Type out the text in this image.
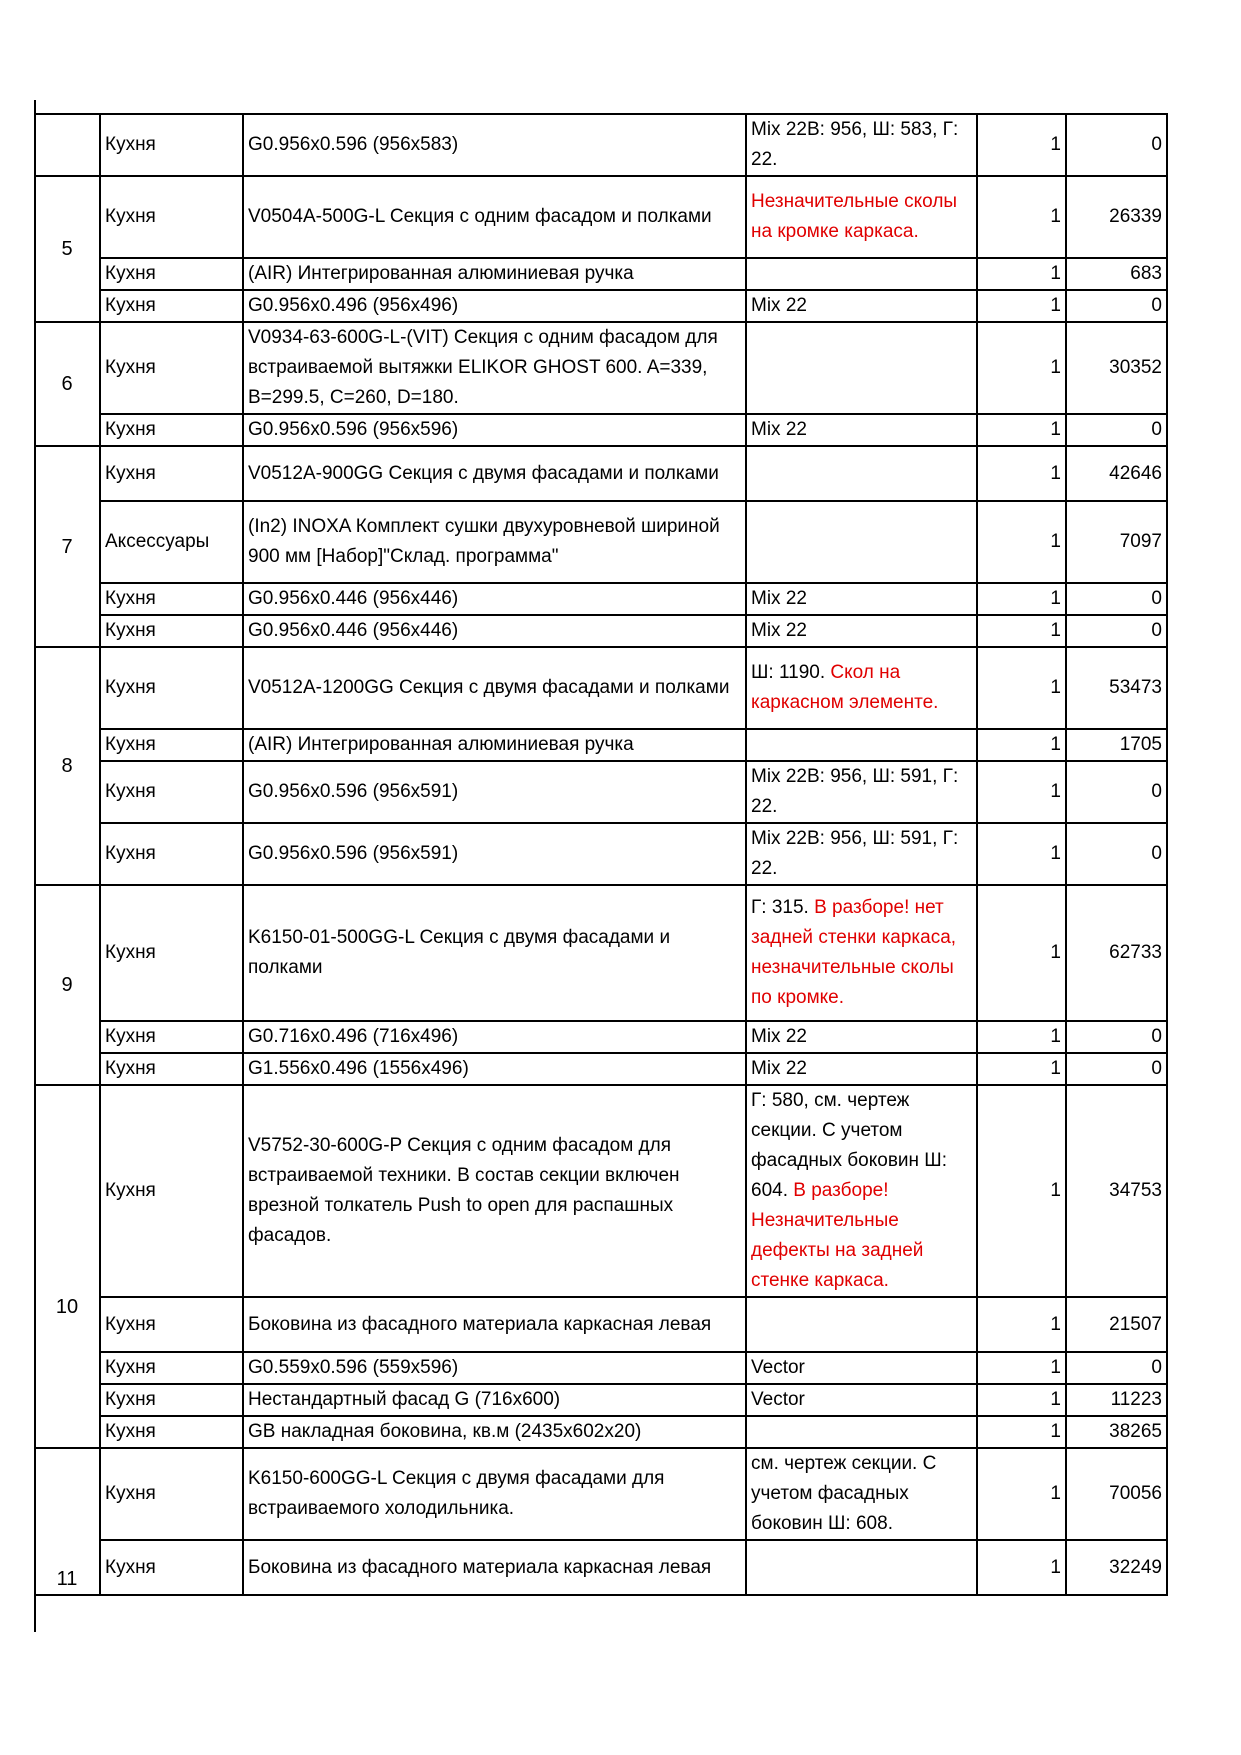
	Кухня	G0.956x0.596 (956x583)	Mix 22В: 956, Ш: 583, Г: 22.	1	0
5	Кухня	V0504A-500G-L Секция с одним фасадом и полками	Незначительные сколы на кромке каркаса.	1	26339
	Кухня	(AIR) Интегрированная алюминиевая ручка		1	683
	Кухня	G0.956x0.496 (956x496)	Mix 22	1	0
6	Кухня	V0934-63-600G-L-(VIT) Секция с одним фасадом для встраиваемой вытяжки ELIKOR GHOST 600. A=339, B=299.5, C=260, D=180.		1	30352
	Кухня	G0.956x0.596 (956x596)	Mix 22	1	0
7	Кухня	V0512A-900GG Секция с двумя фасадами и полками		1	42646
	Аксессуары	(In2) INOXA Комплект сушки двухуровневой шириной 900 мм [Набор]"Склад. программа"		1	7097
	Кухня	G0.956x0.446 (956x446)	Mix 22	1	0
	Кухня	G0.956x0.446 (956x446)	Mix 22	1	0
8	Кухня	V0512A-1200GG Секция с двумя фасадами и полками	Ш: 1190. Скол на каркасном элементе.	1	53473
	Кухня	(AIR) Интегрированная алюминиевая ручка		1	1705
	Кухня	G0.956x0.596 (956x591)	Mix 22В: 956, Ш: 591, Г: 22.	1	0
	Кухня	G0.956x0.596 (956x591)	Mix 22В: 956, Ш: 591, Г: 22.	1	0
9	Кухня	K6150-01-500GG-L Секция с двумя фасадами и полками	Г: 315. В разборе! нет задней стенки каркаса, незначительные сколы по кромке.	1	62733
	Кухня	G0.716x0.496 (716x496)	Mix 22	1	0
	Кухня	G1.556x0.496 (1556x496)	Mix 22	1	0
10	Кухня	V5752-30-600G-P Секция с одним фасадом для встраиваемой техники. В состав секции включен врезной толкатель Push to open для распашных фасадов.	Г: 580, см. чертеж секции. С учетом фасадных боковин Ш: 604. В разборе! Незначительные дефекты на задней стенке каркаса.	1	34753
	Кухня	Боковина из фасадного материала каркасная левая		1	21507
	Кухня	G0.559x0.596 (559x596)	Vector	1	0
	Кухня	Нестандартный фасад G (716x600)	Vector	1	11223
	Кухня	GB накладная боковина, кв.м (2435x602x20)		1	38265
11	Кухня	K6150-600GG-L Секция с двумя фасадами для встраиваемого холодильника.	см. чертеж секции. С учетом фасадных боковин Ш: 608.	1	70056
	Кухня	Боковина из фасадного материала каркасная левая		1	32249
